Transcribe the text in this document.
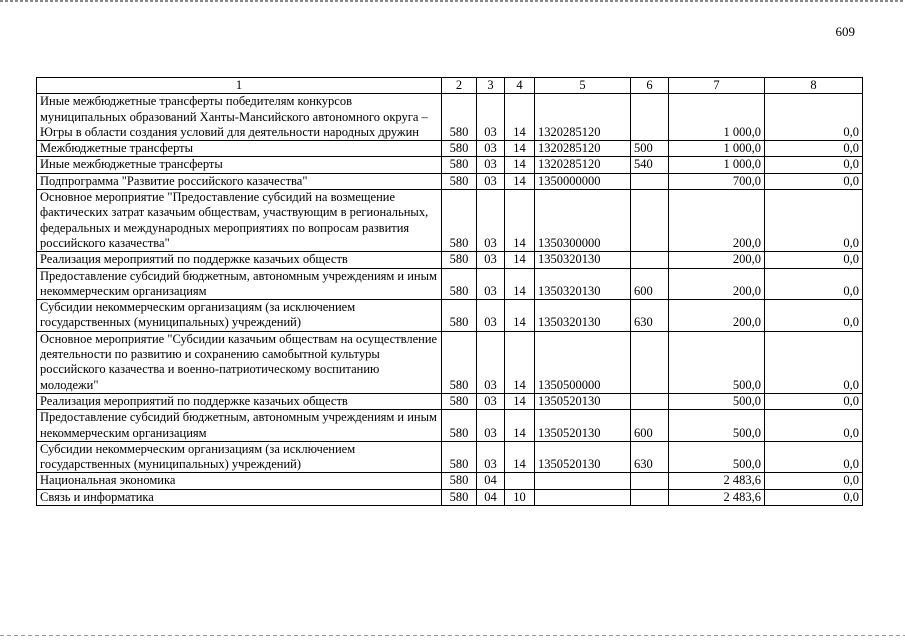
609
1	2	3	4	5	6	7	8
Иные межбюджетные трансферты победителям конкурсов муниципальных образований Ханты-Мансийского автономного округа – Югры в области создания условий для деятельности народных дружин	580	03	14	1320285120		1 000,0	0,0
Межбюджетные трансферты	580	03	14	1320285120	500	1 000,0	0,0
Иные межбюджетные трансферты	580	03	14	1320285120	540	1 000,0	0,0
Подпрограмма "Развитие российского казачества"	580	03	14	1350000000		700,0	0,0
Основное мероприятие "Предоставление субсидий на возмещение фактических затрат казачьим обществам, участвующим в региональных, федеральных и международных мероприятиях по вопросам развития российского казачества"	580	03	14	1350300000		200,0	0,0
Реализация мероприятий по поддержке казачьих обществ	580	03	14	1350320130		200,0	0,0
Предоставление субсидий бюджетным, автономным учреждениям и иным некоммерческим организациям	580	03	14	1350320130	600	200,0	0,0
Субсидии некоммерческим организациям (за исключением государственных (муниципальных) учреждений)	580	03	14	1350320130	630	200,0	0,0
Основное мероприятие "Субсидии казачьим обществам на осуществление деятельности по развитию и сохранению самобытной культуры российского казачества и военно-патриотическому воспитанию молодежи"	580	03	14	1350500000		500,0	0,0
Реализация мероприятий по поддержке казачьих обществ	580	03	14	1350520130		500,0	0,0
Предоставление субсидий бюджетным, автономным учреждениям и иным некоммерческим организациям	580	03	14	1350520130	600	500,0	0,0
Субсидии некоммерческим организациям (за исключением государственных (муниципальных) учреждений)	580	03	14	1350520130	630	500,0	0,0
Национальная экономика	580	04				2 483,6	0,0
Связь и информатика	580	04	10			2 483,6	0,0
